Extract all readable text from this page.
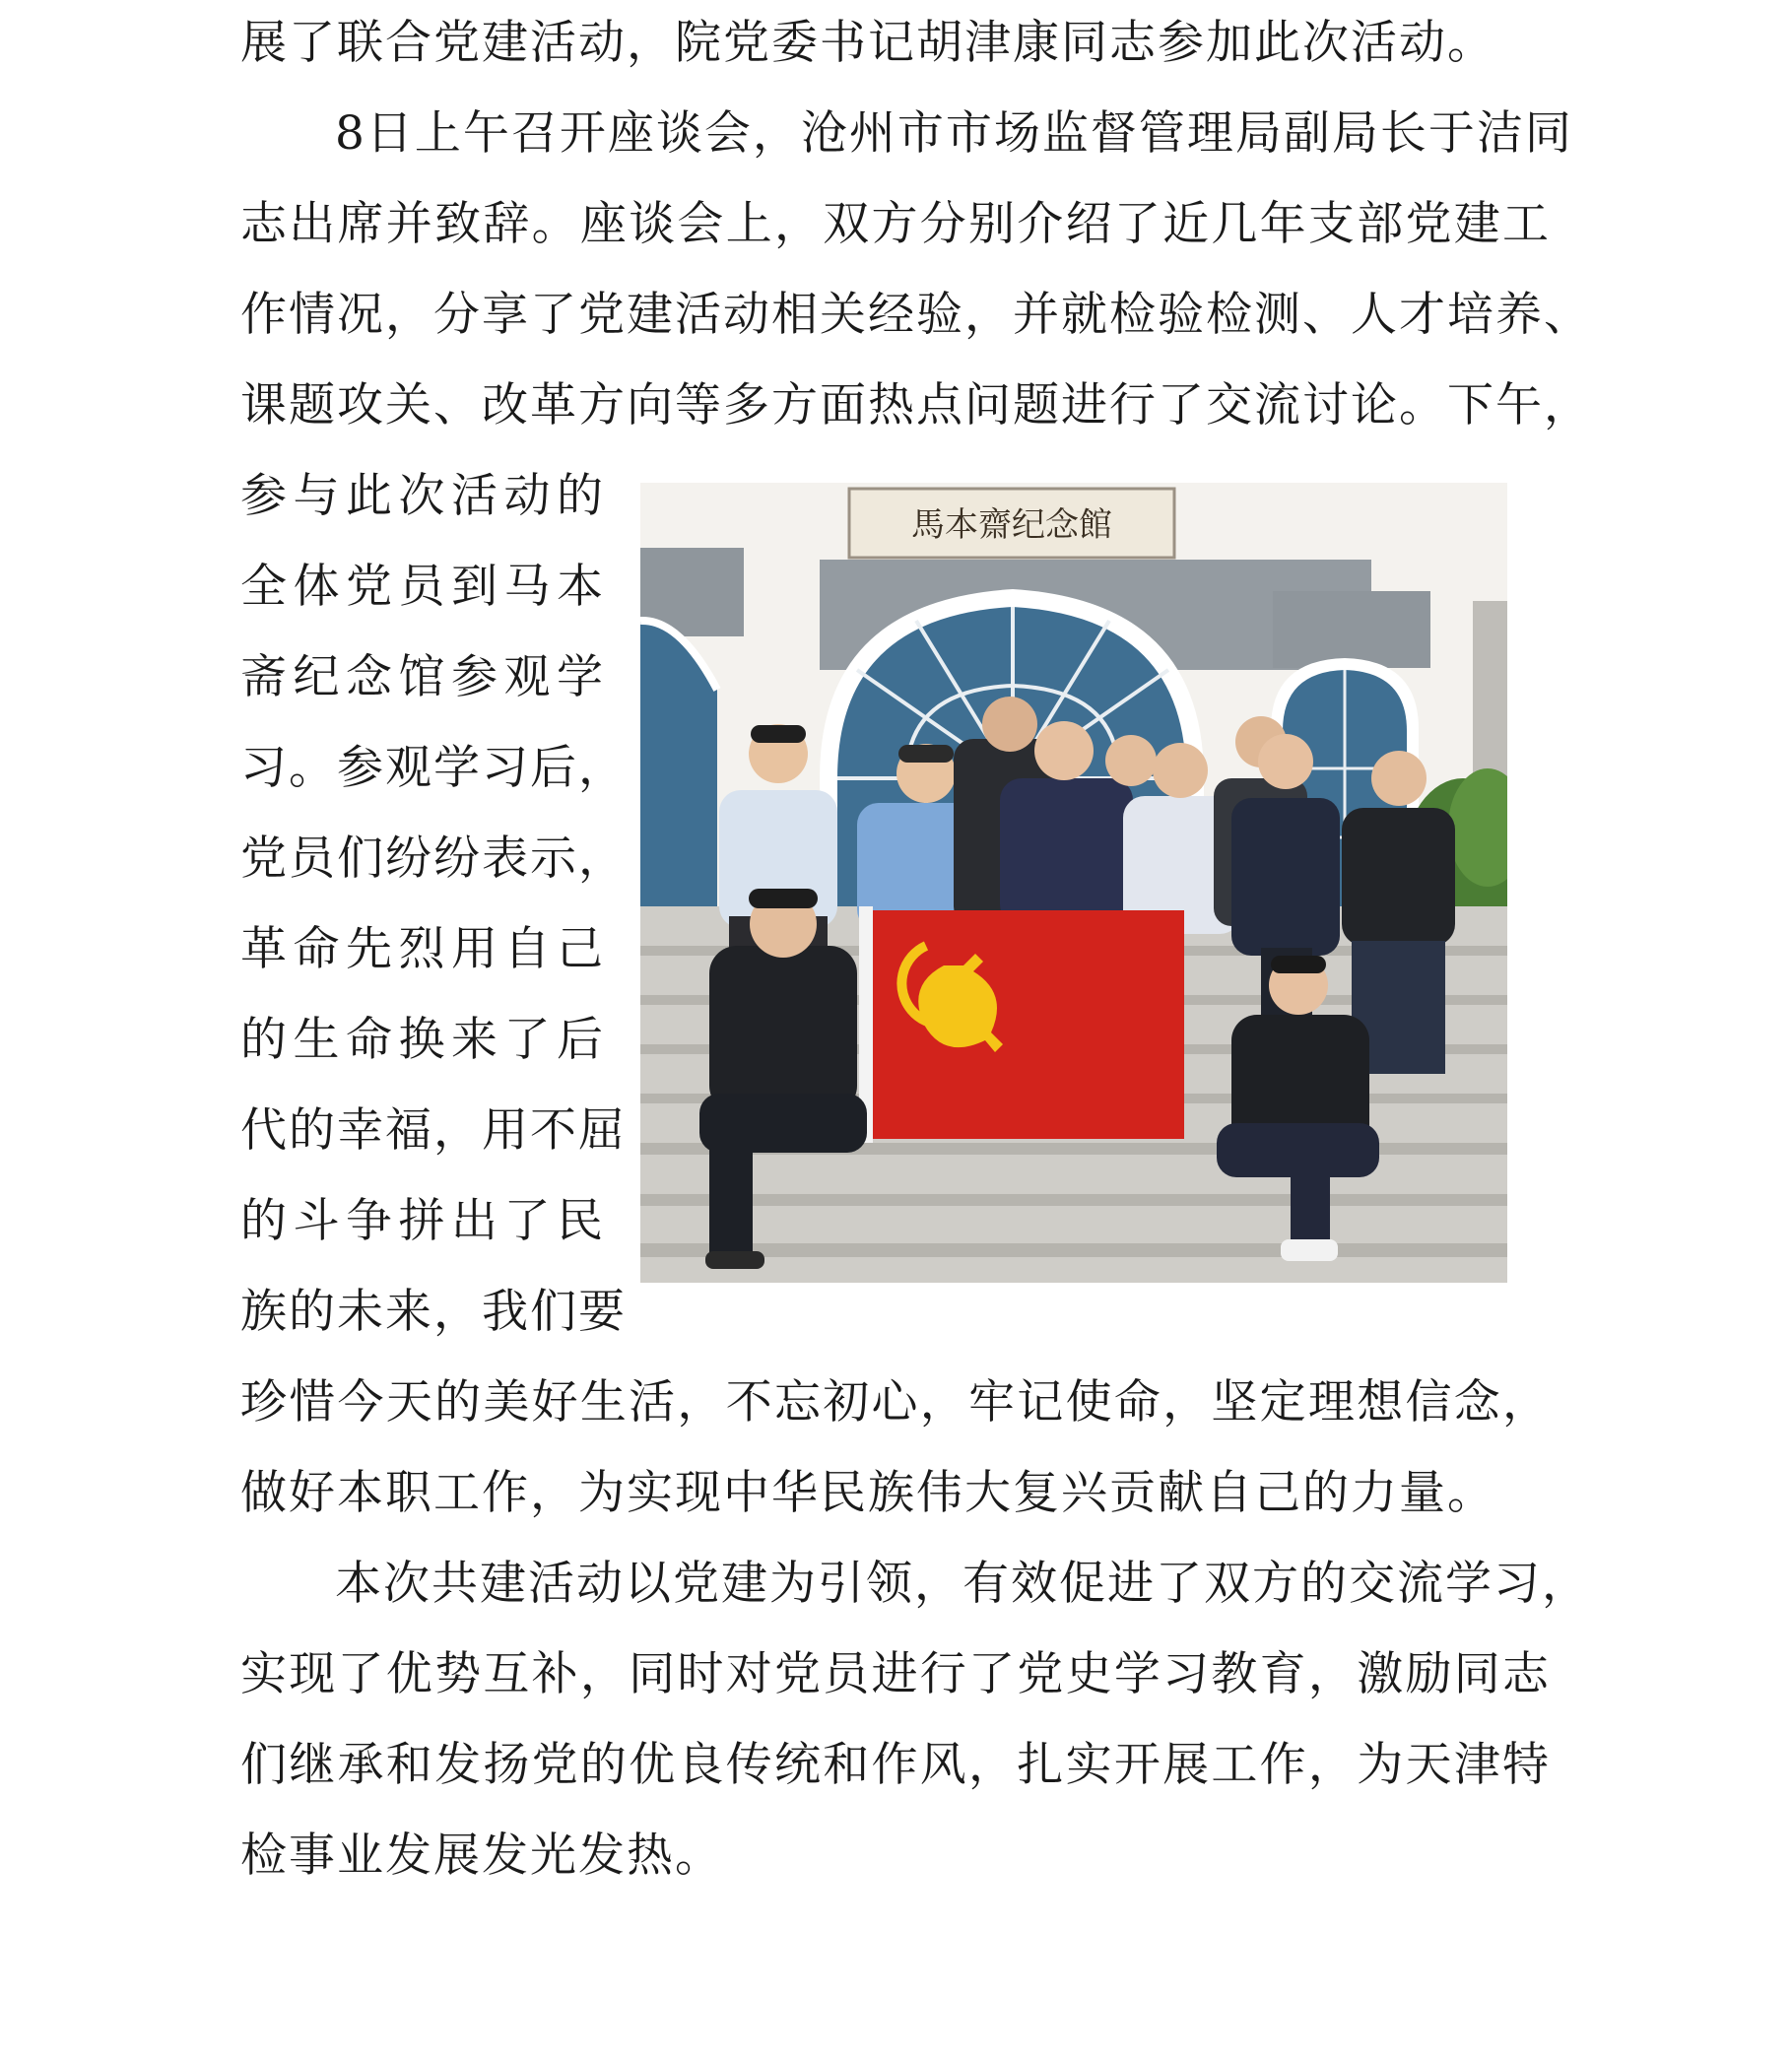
展了联合党建活动，院党委书记胡津康同志参加此次活动。
8日上午召开座谈会，沧州市市场监督管理局副局长于洁同
志出席并致辞。座谈会上，双方分别介绍了近几年支部党建工
作情况，分享了党建活动相关经验，并就检验检测、人才培养、
课题攻关、改革方向等多方面热点问题进行了交流讨论。下午，
参与此次活动的
全体党员到马本
斋纪念馆参观学
习。参观学习后，
党员们纷纷表示，
革命先烈用自己
的生命换来了后
代的幸福，用不屈
的斗争拼出了民
族的未来，我们要
馬本齋纪念館
珍惜今天的美好生活，不忘初心，牢记使命，坚定理想信念，
做好本职工作，为实现中华民族伟大复兴贡献自己的力量。
本次共建活动以党建为引领，有效促进了双方的交流学习，
实现了优势互补，同时对党员进行了党史学习教育，激励同志
们继承和发扬党的优良传统和作风，扎实开展工作，为天津特
检事业发展发光发热。
